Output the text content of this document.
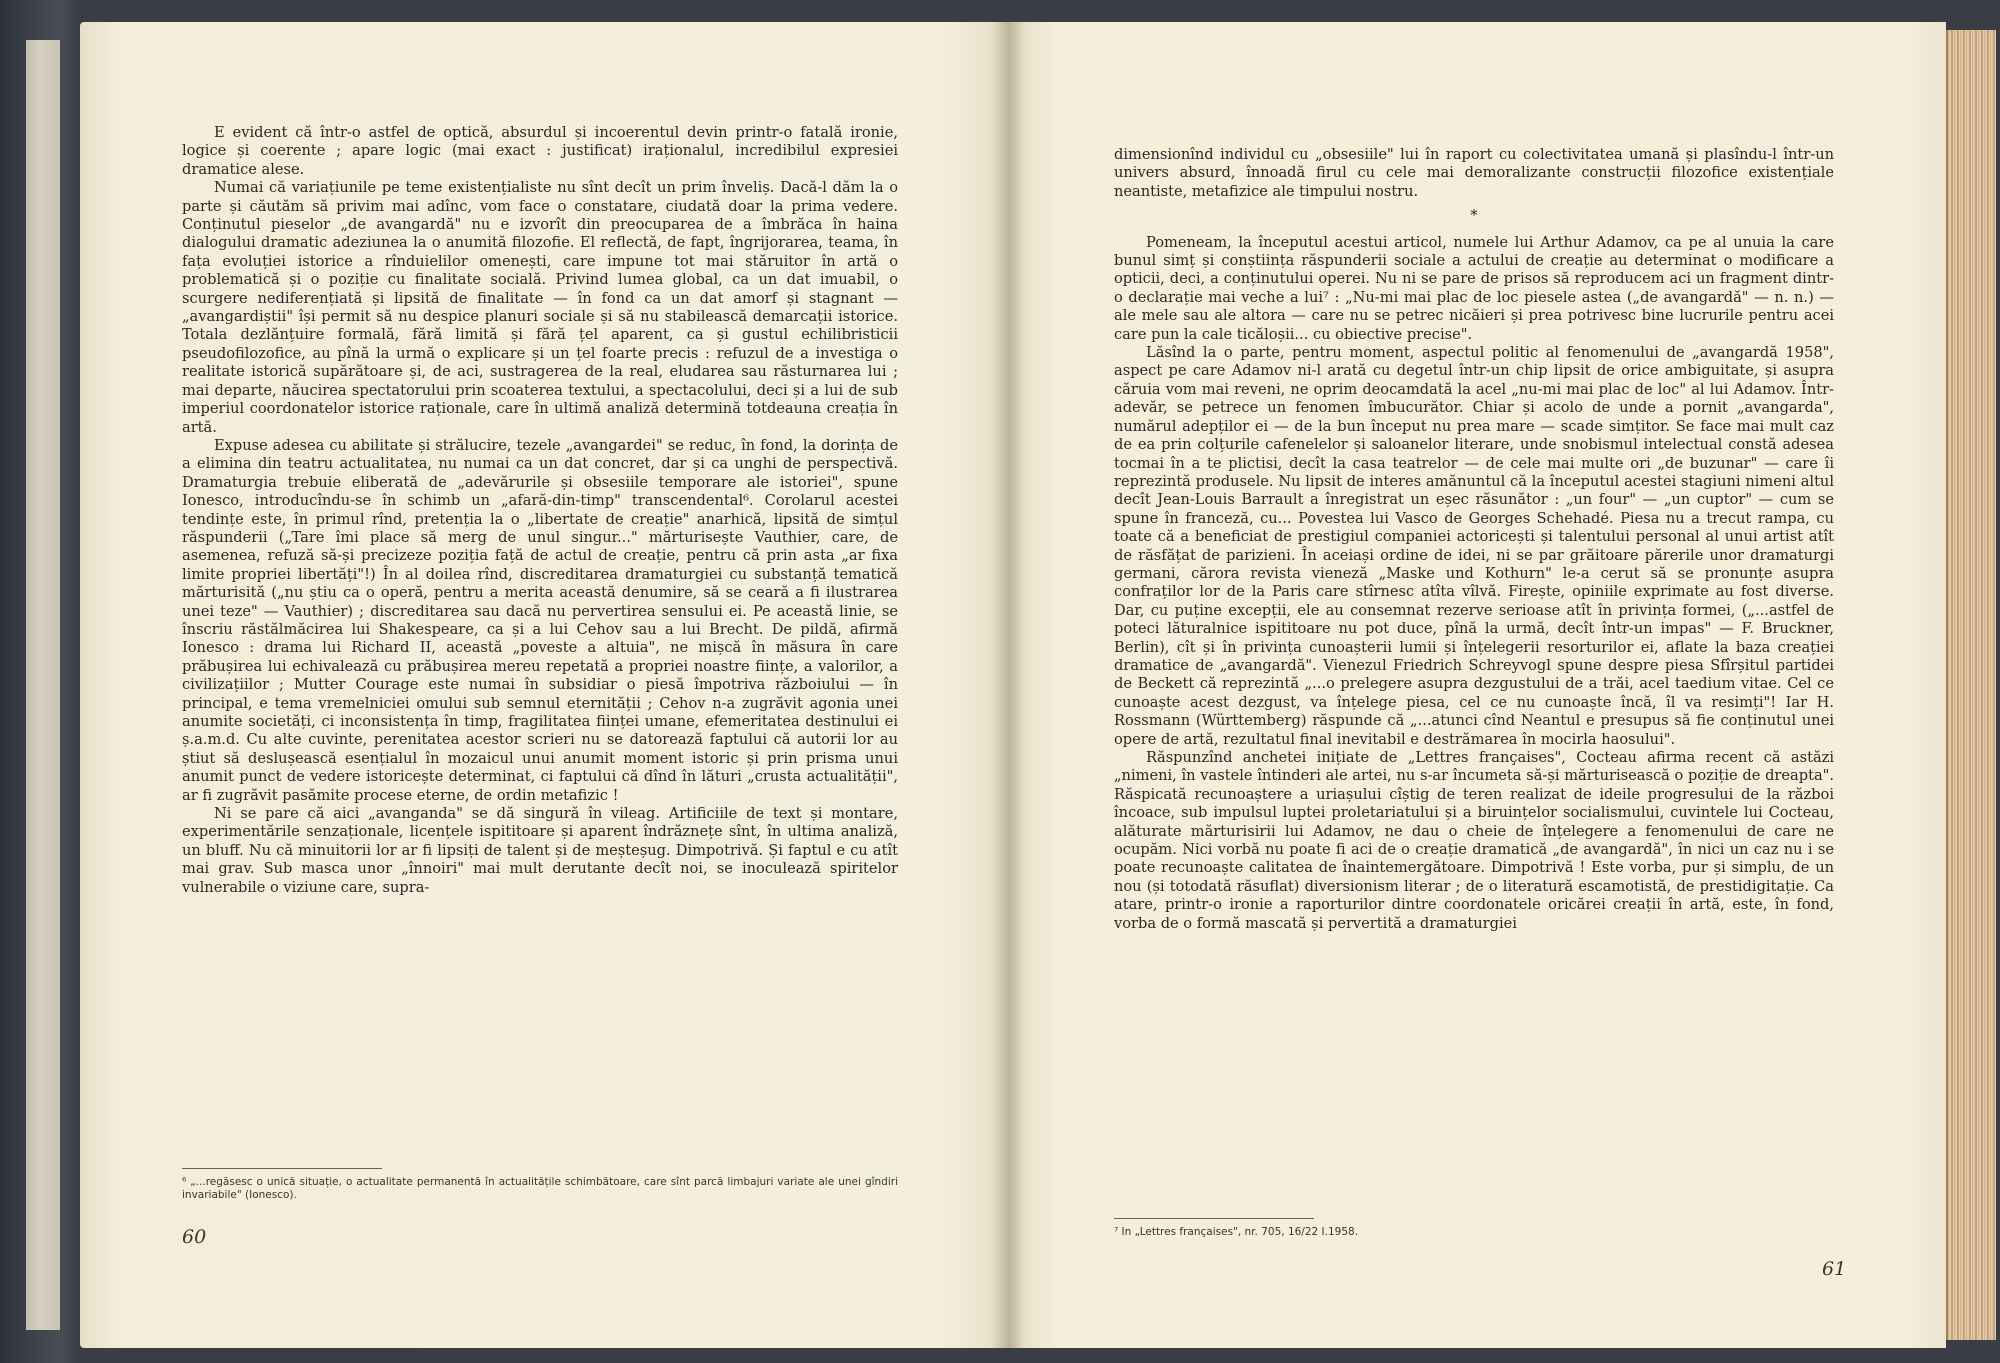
E evident că într-o astfel de optică, absurdul și incoerentul devin printr-o fatală ironie, logice și coerente ; apare logic (mai exact : justificat) iraționalul, incredibilul expresiei dramatice alese.

Numai că variațiunile pe teme existențialiste nu sînt decît un prim înveliș. Dacă-l dăm la o parte și căutăm să privim mai adînc, vom face o constatare, ciudată doar la prima vedere. Conținutul pieselor „de avangardă" nu e izvorît din preocuparea de a îmbrăca în haina dialogului dramatic adeziunea la o anumită filozofie. El reflectă, de fapt, îngrijorarea, teama, în fața evoluției istorice a rînduielilor omenești, care impune tot mai stăruitor în artă o problematică și o poziție cu finalitate socială. Privind lumea global, ca un dat imuabil, o scurgere nediferențiată și lipsită de finalitate — în fond ca un dat amorf și stagnant — „avangardiștii" își permit să nu despice planuri sociale și să nu stabilească demarcații istorice. Totala dezlănțuire formală, fără limită și fără țel aparent, ca și gustul echilibristicii pseudofilozofice, au pînă la urmă o explicare și un țel foarte precis : refuzul de a investiga o realitate istorică supărătoare și, de aci, sustragerea de la real, eludarea sau răsturnarea lui ; mai departe, năucirea spectatorului prin scoaterea textului, a spectacolului, deci și a lui de sub imperiul coordonatelor istorice raționale, care în ultimă analiză determină totdeauna creația în artă.

Expuse adesea cu abilitate și strălucire, tezele „avangardei" se reduc, în fond, la dorința de a elimina din teatru actualitatea, nu numai ca un dat concret, dar și ca unghi de perspectivă. Dramaturgia trebuie eliberată de „adevărurile și obsesiile temporare ale istoriei", spune Ionesco, introducîndu-se în schimb un „afară-din-timp" transcendental⁶. Corolarul acestei tendințe este, în primul rînd, pretenția la o „libertate de creație" anarhică, lipsită de simțul răspunderii („Tare îmi place să merg de unul singur..." mărturisește Vauthier, care, de asemenea, refuză să-și precizeze poziția față de actul de creație, pentru că prin asta „ar fixa limite propriei libertăți"!) În al doilea rînd, discreditarea dramaturgiei cu substanță tematică mărturisită („nu știu ca o operă, pentru a merita această denumire, să se ceară a fi ilustrarea unei teze" — Vauthier) ; discreditarea sau dacă nu pervertirea sensului ei. Pe această linie, se înscriu răstălmăcirea lui Shakespeare, ca și a lui Cehov sau a lui Brecht. De pildă, afirmă Ionesco : drama lui Richard II, această „poveste a altuia", ne mișcă în măsura în care prăbușirea lui echivalează cu prăbușirea mereu repetată a propriei noastre ființe, a valorilor, a civilizațiilor ; Mutter Courage este numai în subsidiar o piesă împotriva războiului — în principal, e tema vremelniciei omului sub semnul eternității ; Cehov n-a zugrăvit agonia unei anumite societăți, ci inconsistența în timp, fragilitatea ființei umane, efemeritatea destinului ei ș.a.m.d. Cu alte cuvinte, perenitatea acestor scrieri nu se datorează faptului că autorii lor au știut să deslușească esențialul în mozaicul unui anumit moment istoric și prin prisma unui anumit punct de vedere istoricește determinat, ci faptului că dînd în lături „crusta actualității", ar fi zugrăvit pasămite procese eterne, de ordin metafizic !

Ni se pare că aici „avanganda" se dă singură în vileag. Artificiile de text și montare, experimentările senzaționale, licențele ispititoare și aparent îndrăznețe sînt, în ultima analiză, un bluff. Nu că minuitorii lor ar fi lipsiți de talent și de meșteșug. Dimpotrivă. Și faptul e cu atît mai grav. Sub masca unor „înnoiri" mai mult derutante decît noi, se inoculează spiritelor vulnerabile o viziune care, supra-

⁶ „...regăsesc o unică situație, o actualitate permanentă în actualitățile schimbătoare, care sînt parcă limbajuri variate ale unei gîndiri invariabile" (Ionesco).
60

dimensionînd individul cu „obsesiile" lui în raport cu colectivitatea umană și plasîndu-l într-un univers absurd, înnoadă firul cu cele mai demoralizante construcții filozofice existențiale neantiste, metafizice ale timpului nostru.

*

Pomeneam, la începutul acestui articol, numele lui Arthur Adamov, ca pe al unuia la care bunul simț și conștiința răspunderii sociale a actului de creație au determinat o modificare a opticii, deci, a conținutului operei. Nu ni se pare de prisos să reproducem aci un fragment dintr-o declarație mai veche a lui⁷ : „Nu-mi mai plac de loc piesele astea („de avangardă" — n. n.) — ale mele sau ale altora — care nu se petrec nicăieri și prea potrivesc bine lucrurile pentru acei care pun la cale ticăloșii... cu obiective precise".

Lăsînd la o parte, pentru moment, aspectul politic al fenomenului de „avangardă 1958", aspect pe care Adamov ni-l arată cu degetul într-un chip lipsit de orice ambiguitate, și asupra căruia vom mai reveni, ne oprim deocamdată la acel „nu-mi mai plac de loc" al lui Adamov. Într-adevăr, se petrece un fenomen îmbucurător. Chiar și acolo de unde a pornit „avangarda", numărul adepților ei — de la bun început nu prea mare — scade simțitor. Se face mai mult caz de ea prin colțurile cafenelelor și saloanelor literare, unde snobismul intelectual constă adesea tocmai în a te plictisi, decît la casa teatrelor — de cele mai multe ori „de buzunar" — care îi reprezintă produsele. Nu lipsit de interes amănuntul că la începutul acestei stagiuni nimeni altul decît Jean-Louis Barrault a înregistrat un eșec răsunător : „un four" — „un cuptor" — cum se spune în franceză, cu... Povestea lui Vasco de Georges Schehadé. Piesa nu a trecut rampa, cu toate că a beneficiat de prestigiul companiei actoricești și talentului personal al unui artist atît de răsfățat de parizieni. În aceiași ordine de idei, ni se par grăitoare părerile unor dramaturgi germani, cărora revista vieneză „Maske und Kothurn" le-a cerut să se pronunțe asupra confraților lor de la Paris care stîrnesc atîta vîlvă. Firește, opiniile exprimate au fost diverse. Dar, cu puține excepții, ele au consemnat rezerve serioase atît în privința formei, („...astfel de poteci lăturalnice ispititoare nu pot duce, pînă la urmă, decît într-un impas" — F. Bruckner, Berlin), cît și în privința cunoașterii lumii și înțelegerii resorturilor ei, aflate la baza creației dramatice de „avangardă". Vienezul Friedrich Schreyvogl spune despre piesa Sfîrșitul partidei de Beckett că reprezintă „...o prelegere asupra dezgustului de a trăi, acel taedium vitae. Cel ce cunoaște acest dezgust, va înțelege piesa, cel ce nu cunoaște încă, îl va resimți"! Iar H. Rossmann (Württemberg) răspunde că „...atunci cînd Neantul e presupus să fie conținutul unei opere de artă, rezultatul final inevitabil e destrămarea în mocirla haosului".

Răspunzînd anchetei inițiate de „Lettres françaises", Cocteau afirma recent că astăzi „nimeni, în vastele întinderi ale artei, nu s-ar încumeta să-și mărturisească o poziție de dreapta". Răspicată recunoaștere a uriașului cîștig de teren realizat de ideile progresului de la război încoace, sub impulsul luptei proletariatului și a biruințelor socialismului, cuvintele lui Cocteau, alăturate mărturisirii lui Adamov, ne dau o cheie de înțelegere a fenomenului de care ne ocupăm. Nici vorbă nu poate fi aci de o creație dramatică „de avangardă", în nici un caz nu i se poate recunoaște calitatea de înaintemergătoare. Dimpotrivă ! Este vorba, pur și simplu, de un nou (și totodată răsuflat) diversionism literar ; de o literatură escamotistă, de prestidigitație. Ca atare, printr-o ironie a raporturilor dintre coordonatele oricărei creații în artă, este, în fond, vorba de o formă mascată și pervertită a dramaturgiei

⁷ In „Lettres françaises", nr. 705, 16/22 I.1958.
61
